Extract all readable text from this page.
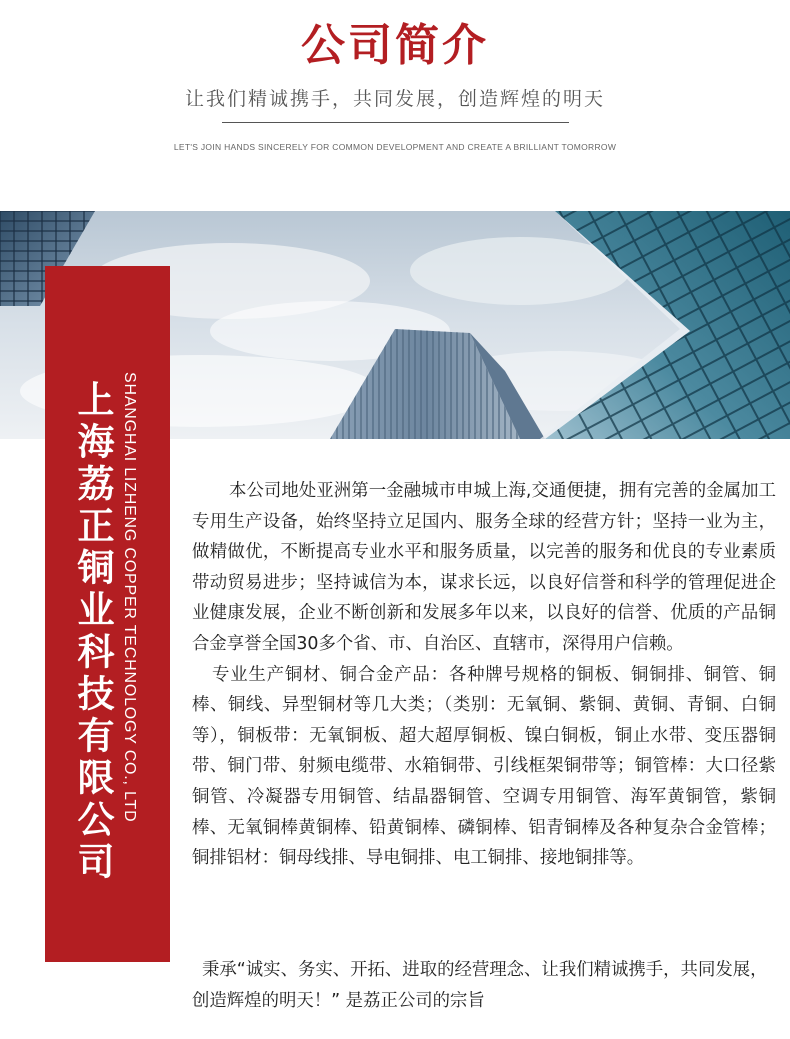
公司简介
让我们精诚携手，共同发展，创造辉煌的明天
LET'S JOIN HANDS SINCERELY FOR COMMON DEVELOPMENT AND CREATE A BRILLIANT TOMORROW
上海荔正铜业科技有限公司 SHANGHAI LIZHENG COPPER TECHNOLOGY CO., LTD	本公司地处亚洲第一金融城市申城上海,交通便捷，拥有完善的金属加工专用生产设备，始终坚持立足国内、服务全球的经营方针；坚持一业为主，做精做优，不断提高专业水平和服务质量，以完善的服务和优良的专业素质带动贸易进步；坚持诚信为本，谋求长远，以良好信誉和科学的管理促进企业健康发展，企业不断创新和发展多年以来，以良好的信誉、优质的产品铜合金享誉全国30多个省、市、自治区、直辖市，深得用户信赖。

专业生产铜材、铜合金产品：各种牌号规格的铜板、铜铜排、铜管、铜棒、铜线、异型铜材等几大类；（类别：无氧铜、紫铜、黄铜、青铜、白铜等），铜板带：无氧铜板、超大超厚铜板、镍白铜板，铜止水带、变压器铜带、铜门带、射频电缆带、水箱铜带、引线框架铜带等；铜管棒：大口径紫铜管、冷凝器专用铜管、结晶器铜管、空调专用铜管、海军黄铜管，紫铜棒、无氧铜棒黄铜棒、铅黄铜棒、磷铜棒、铝青铜棒及各种复杂合金管棒；铜排铝材：铜母线排、导电铜排、电工铜排、接地铜排等。

秉承“诚实、务实、开拓、进取的经营理念、让我们精诚携手，共同发展，创造辉煌的明天！” 是荔正公司的宗旨
